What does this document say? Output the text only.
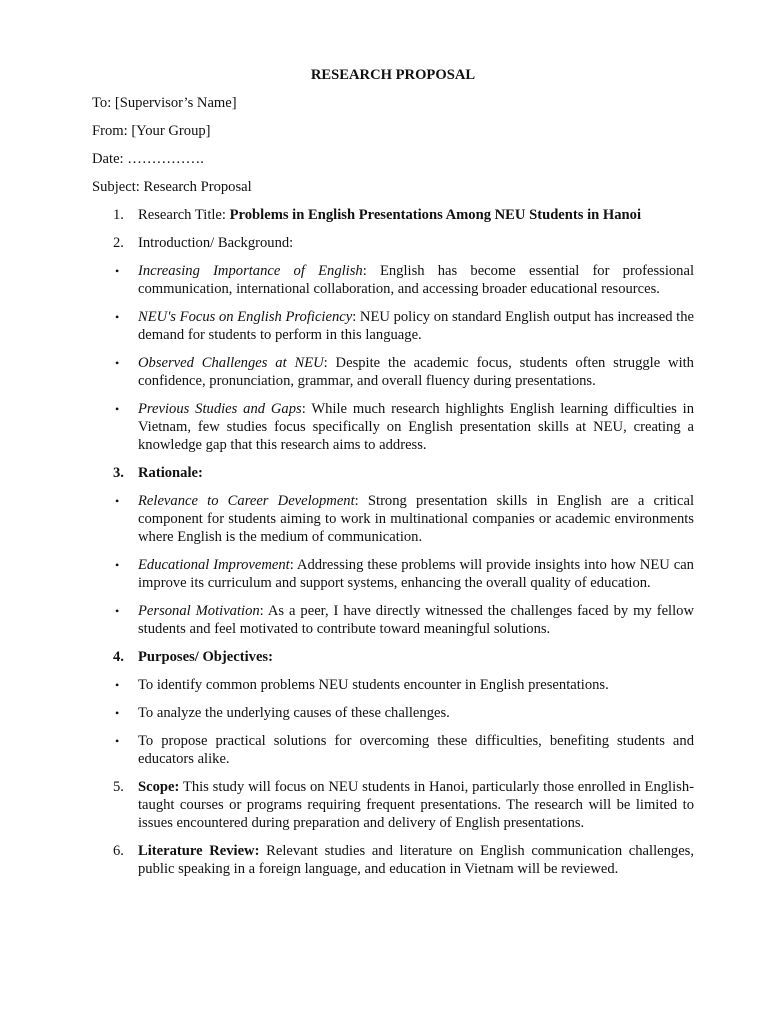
RESEARCH PROPOSAL
To: [Supervisor’s Name]
From: [Your Group]
Date: …………….
Subject: Research Proposal
1. Research Title: Problems in English Presentations Among NEU Students in Hanoi
2. Introduction/ Background:
•	Increasing Importance of English: English has become essential for professional communication, international collaboration, and accessing broader educational resources.
•	NEU's Focus on English Proficiency: NEU policy on standard English output has increased the demand for students to perform in this language.
•	Observed Challenges at NEU: Despite the academic focus, students often struggle with confidence, pronunciation, grammar, and overall fluency during presentations.
•	Previous Studies and Gaps: While much research highlights English learning difficulties in Vietnam, few studies focus specifically on English presentation skills at NEU, creating a knowledge gap that this research aims to address.
3. Rationale:
•	Relevance to Career Development: Strong presentation skills in English are a critical component for students aiming to work in multinational companies or academic environments where English is the medium of communication.
•	Educational Improvement: Addressing these problems will provide insights into how NEU can improve its curriculum and support systems, enhancing the overall quality of education.
•	Personal Motivation: As a peer, I have directly witnessed the challenges faced by my fellow students and feel motivated to contribute toward meaningful solutions.
4. Purposes/ Objectives:
•	To identify common problems NEU students encounter in English presentations.
•	To analyze the underlying causes of these challenges.
•	To propose practical solutions for overcoming these difficulties, benefiting students and educators alike.
5. Scope: This study will focus on NEU students in Hanoi, particularly those enrolled in English-taught courses or programs requiring frequent presentations. The research will be limited to issues encountered during preparation and delivery of English presentations.
6. Literature Review: Relevant studies and literature on English communication challenges, public speaking in a foreign language, and education in Vietnam will be reviewed.
